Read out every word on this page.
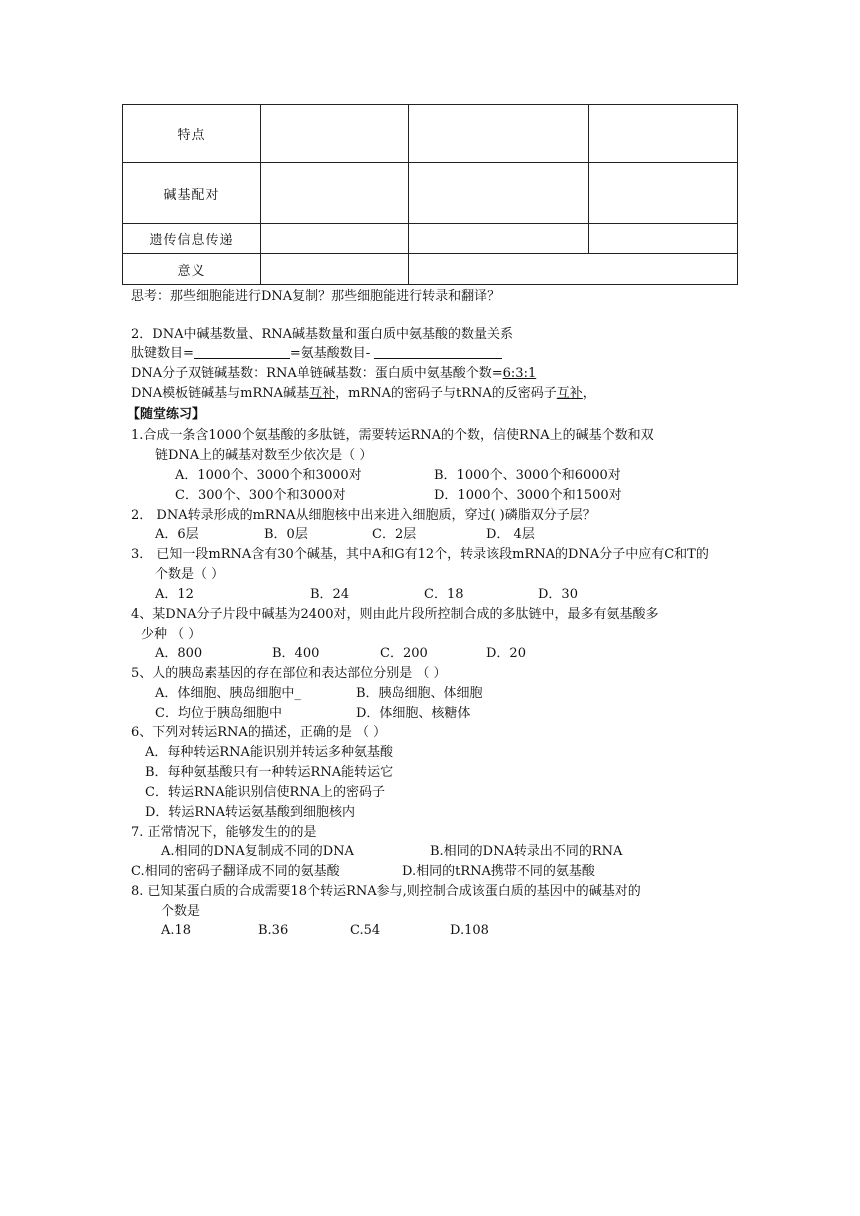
特点			
碱基配对			
遗传信息传递			
意义			
思考：那些细胞能进行DNA复制？那些细胞能进行转录和翻译？
2．DNA中碱基数量、RNA碱基数量和蛋白质中氨基酸的数量关系
肽键数目=	=氨基酸数目-
DNA分子双链碱基数：RNA单链碱基数：蛋白质中氨基酸个数=6:3:1
DNA模板链碱基与mRNA碱基互补，mRNA的密码子与tRNA的反密码子互补，
【随堂练习】
1.合成一条含1000个氨基酸的多肽链，需要转运RNA的个数，信使RNA上的碱基个数和双
链DNA上的碱基对数至少依次是（ ）
A．1000个、3000个和3000对	B．1000个、3000个和6000对
C．300个、300个和3000对	D．1000个、3000个和1500对
2． DNA转录形成的mRNA从细胞核中出来进入细胞质，穿过( )磷脂双分子层？
A．6层	B．0层	C．2层	D． 4层
3． 已知一段mRNA含有30个碱基，其中A和G有12个，转录该段mRNA的DNA分子中应有C和T的
个数是（ ）
A．12	B．24	C．18	D．30
4、某DNA分子片段中碱基为2400对，则由此片段所控制合成的多肽链中，最多有氨基酸多
少种 （ ）
A．800	B．400	C．200	D．20
5、人的胰岛素基因的存在部位和表达部位分别是 （ ）
A．体细胞、胰岛细胞中_	B．胰岛细胞、体细胞
C．均位于胰岛细胞中	D．体细胞、核糖体
6、下列对转运RNA的描述，正确的是 （ ）
A．每种转运RNA能识别并转运多种氨基酸
B．每种氨基酸只有一种转运RNA能转运它
C．转运RNA能识别信使RNA上的密码子
D．转运RNA转运氨基酸到细胞核内
7. 正常情况下，能够发生的的是
A.相同的DNA复制成不同的DNA	B.相同的DNA转录出不同的RNA
C.相同的密码子翻译成不同的氨基酸	D.相同的tRNA携带不同的氨基酸
8. 已知某蛋白质的合成需要18个转运RNA参与,则控制合成该蛋白质的基因中的碱基对的
个数是
A.18	B.36	C.54	D.108
